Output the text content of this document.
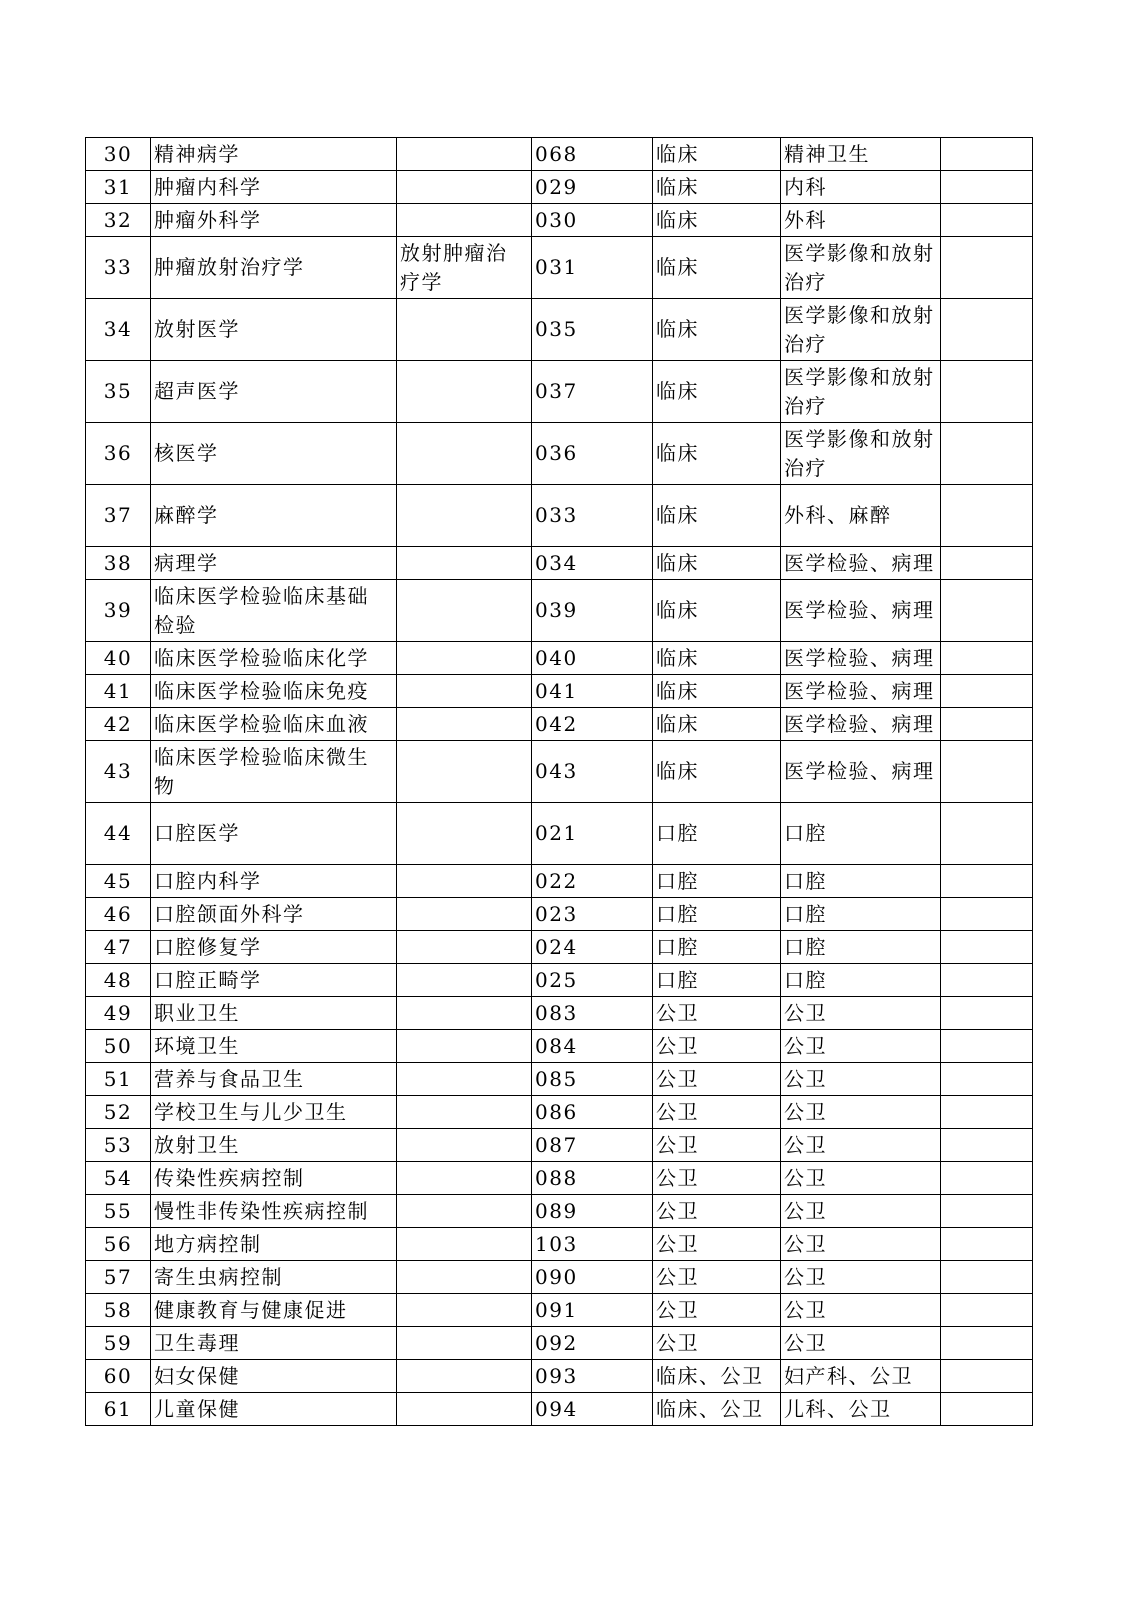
30	精神病学		068	临床	精神卫生	
31	肿瘤内科学		029	临床	内科	
32	肿瘤外科学		030	临床	外科	
33	肿瘤放射治疗学	放射肿瘤治
疗学	031	临床	医学影像和放射
治疗	
34	放射医学		035	临床	医学影像和放射
治疗	
35	超声医学		037	临床	医学影像和放射
治疗	
36	核医学		036	临床	医学影像和放射
治疗	
37	麻醉学		033	临床	外科、麻醉	
38	病理学		034	临床	医学检验、病理	
39	临床医学检验临床基础
检验		039	临床	医学检验、病理	
40	临床医学检验临床化学		040	临床	医学检验、病理	
41	临床医学检验临床免疫		041	临床	医学检验、病理	
42	临床医学检验临床血液		042	临床	医学检验、病理	
43	临床医学检验临床微生
物		043	临床	医学检验、病理	
44	口腔医学		021	口腔	口腔	
45	口腔内科学		022	口腔	口腔	
46	口腔颌面外科学		023	口腔	口腔	
47	口腔修复学		024	口腔	口腔	
48	口腔正畸学		025	口腔	口腔	
49	职业卫生		083	公卫	公卫	
50	环境卫生		084	公卫	公卫	
51	营养与食品卫生		085	公卫	公卫	
52	学校卫生与儿少卫生		086	公卫	公卫	
53	放射卫生		087	公卫	公卫	
54	传染性疾病控制		088	公卫	公卫	
55	慢性非传染性疾病控制		089	公卫	公卫	
56	地方病控制		103	公卫	公卫	
57	寄生虫病控制		090	公卫	公卫	
58	健康教育与健康促进		091	公卫	公卫	
59	卫生毒理		092	公卫	公卫	
60	妇女保健		093	临床、公卫	妇产科、公卫	
61	儿童保健		094	临床、公卫	儿科、公卫	
